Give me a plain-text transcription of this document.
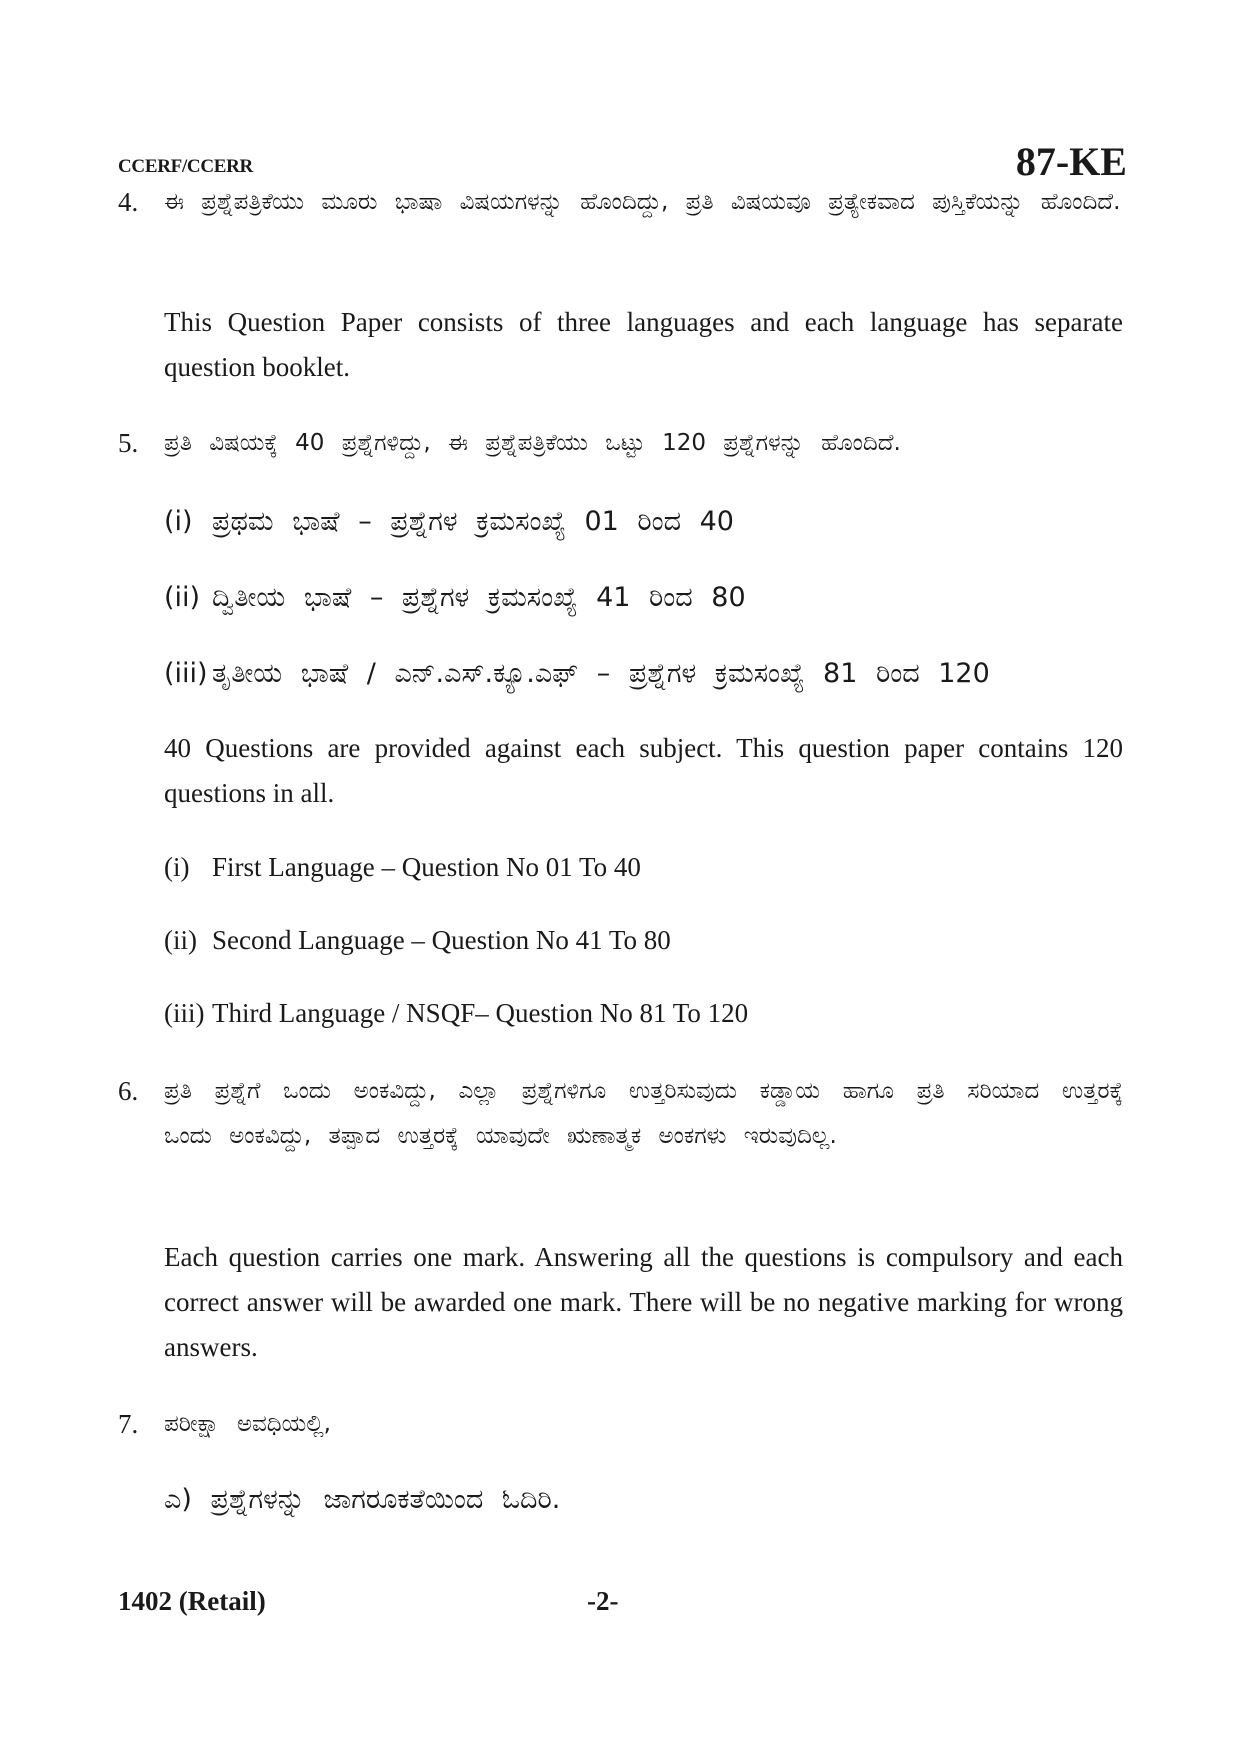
CCERF/CCERR	87-KE
4.	ಈ ಪ್ರಶ್ನೆಪತ್ರಿಕೆಯು ಮೂರು ಭಾಷಾ ವಿಷಯಗಳನ್ನು ಹೊಂದಿದ್ದು, ಪ್ರತಿ ವಿಷಯವೂ ಪ್ರತ್ಯೇಕವಾದ ಪುಸ್ತಿಕೆಯನ್ನು ಹೊಂದಿದೆ.
This Question Paper consists of three languages and each language has separate question booklet.
5.	ಪ್ರತಿ ವಿಷಯಕ್ಕೆ 40 ಪ್ರಶ್ನೆಗಳಿದ್ದು, ಈ ಪ್ರಶ್ನೆಪತ್ರಿಕೆಯು ಒಟ್ಟು 120 ಪ್ರಶ್ನೆಗಳನ್ನು ಹೊಂದಿದೆ.
(i) ಪ್ರಥಮ ಭಾಷೆ – ಪ್ರಶ್ನೆಗಳ ಕ್ರಮಸಂಖ್ಯೆ 01 ರಿಂದ 40
(ii) ದ್ವಿತೀಯ ಭಾಷೆ – ಪ್ರಶ್ನೆಗಳ ಕ್ರಮಸಂಖ್ಯೆ 41 ರಿಂದ 80
(iii) ತೃತೀಯ ಭಾಷೆ / ಎನ್.ಎಸ್.ಕ್ಯೂ.ಎಫ್ – ಪ್ರಶ್ನೆಗಳ ಕ್ರಮಸಂಖ್ಯೆ 81 ರಿಂದ 120
40 Questions are provided against each subject. This question paper contains 120 questions in all.
(i) First Language – Question No 01 To 40
(ii) Second Language – Question No 41 To 80
(iii) Third Language / NSQF– Question No 81 To 120
6.	ಪ್ರತಿ ಪ್ರಶ್ನೆಗೆ ಒಂದು ಅಂಕವಿದ್ದು, ಎಲ್ಲಾ ಪ್ರಶ್ನೆಗಳಿಗೂ ಉತ್ತರಿಸುವುದು ಕಡ್ಡಾಯ ಹಾಗೂ ಪ್ರತಿ ಸರಿಯಾದ ಉತ್ತರಕ್ಕೆ ಒಂದು ಅಂಕವಿದ್ದು, ತಪ್ಪಾದ ಉತ್ತರಕ್ಕೆ ಯಾವುದೇ ಋಣಾತ್ಮಕ ಅಂಕಗಳು ಇರುವುದಿಲ್ಲ.
Each question carries one mark. Answering all the questions is compulsory and each correct answer will be awarded one mark. There will be no negative marking for wrong answers.
7.	ಪರೀಕ್ಷಾ ಅವಧಿಯಲ್ಲಿ,
ಎ) ಪ್ರಶ್ನೆಗಳನ್ನು ಜಾಗರೂಕತೆಯಿಂದ ಓದಿರಿ.
1402 (Retail)	-2-
